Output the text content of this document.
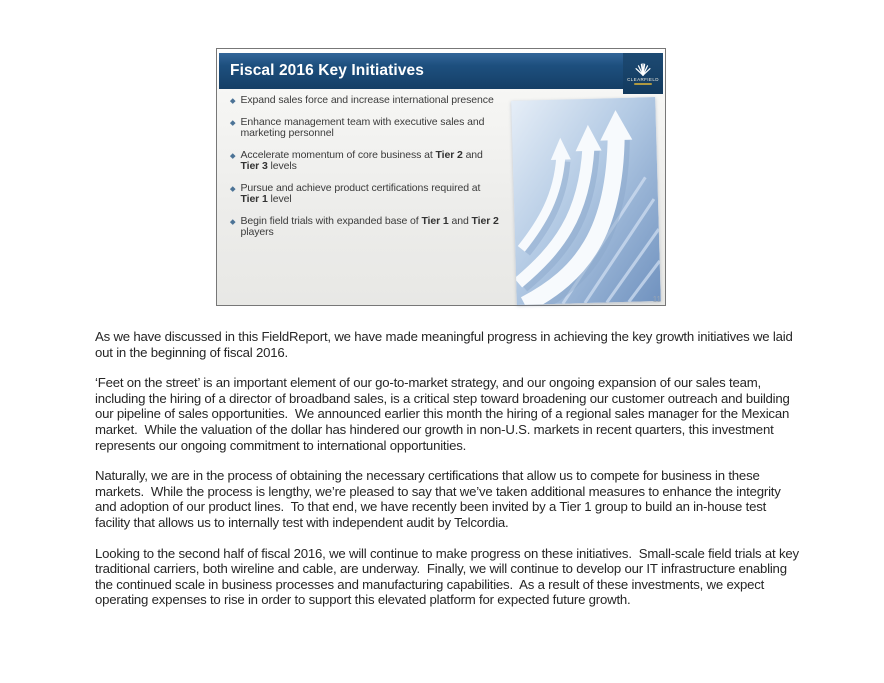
Fiscal 2016 Key Initiatives	CLEARFIELD
Expand sales force and increase international presence
Enhance management team with executive sales and marketing personnel
Accelerate momentum of core business at Tier 2 and Tier 3 levels
Pursue and achieve product certifications required at Tier 1 level
Begin field trials with expanded base of Tier 1 and Tier 2 players
11

As we have discussed in this FieldReport, we have made meaningful progress in achieving the key growth initiatives we laid out in the beginning of fiscal 2016.

‘Feet on the street’ is an important element of our go-to-market strategy, and our ongoing expansion of our sales team, including the hiring of a director of broadband sales, is a critical step toward broadening our customer outreach and building our pipeline of sales opportunities.  We announced earlier this month the hiring of a regional sales manager for the Mexican market.  While the valuation of the dollar has hindered our growth in non-U.S. markets in recent quarters, this investment represents our ongoing commitment to international opportunities.

Naturally, we are in the process of obtaining the necessary certifications that allow us to compete for business in these markets.  While the process is lengthy, we’re pleased to say that we’ve taken additional measures to enhance the integrity and adoption of our product lines.  To that end, we have recently been invited by a Tier 1 group to build an in-house test facility that allows us to internally test with independent audit by Telcordia.

Looking to the second half of fiscal 2016, we will continue to make progress on these initiatives.  Small-scale field trials at key traditional carriers, both wireline and cable, are underway.  Finally, we will continue to develop our IT infrastructure enabling the continued scale in business processes and manufacturing capabilities.  As a result of these investments, we expect operating expenses to rise in order to support this elevated platform for expected future growth.
